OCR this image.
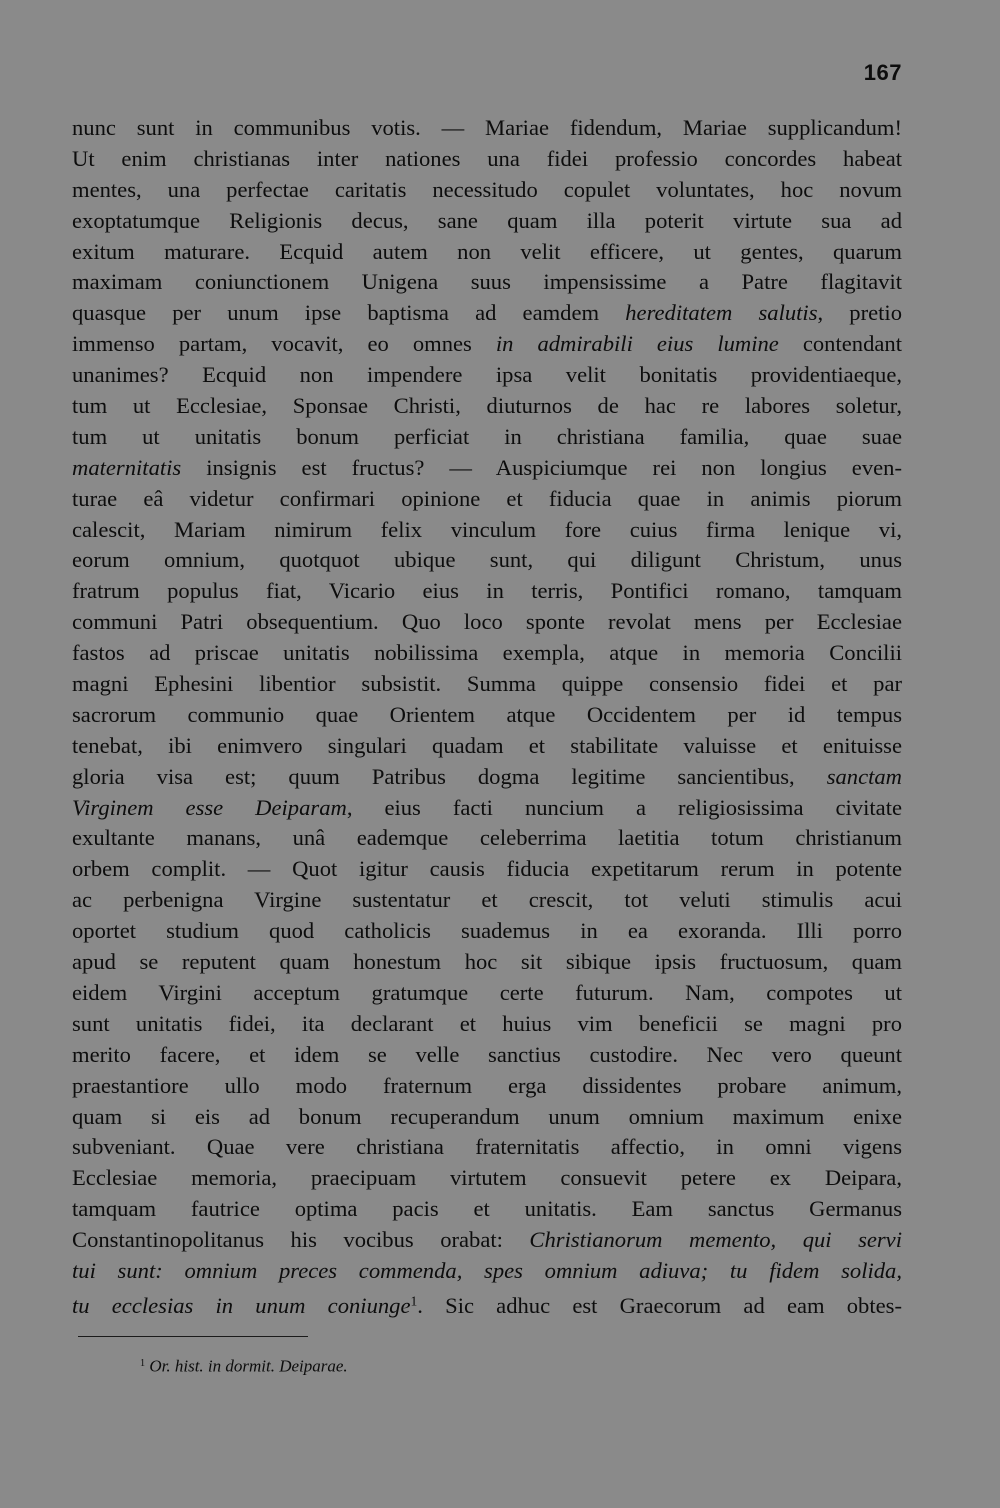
167
nunc sunt in communibus votis. — Mariae fidendum, Mariae supplicandum!
Ut enim christianas inter nationes una fidei professio concordes habeat
mentes, una perfectae caritatis necessitudo copulet voluntates, hoc novum
exoptatumque Religionis decus, sane quam illa poterit virtute sua ad
exitum maturare. Ecquid autem non velit efficere, ut gentes, quarum
maximam coniunctionem Unigena suus impensissime a Patre flagitavit
quasque per unum ipse baptisma ad eamdem hereditatem salutis, pretio
immenso partam, vocavit, eo omnes in admirabili eius lumine contendant
unanimes? Ecquid non impendere ipsa velit bonitatis providentiaeque,
tum ut Ecclesiae, Sponsae Christi, diuturnos de hac re labores soletur,
tum ut unitatis bonum perficiat in christiana familia, quae suae
maternitatis insignis est fructus? — Auspiciumque rei non longius even-
turae eâ videtur confirmari opinione et fiducia quae in animis piorum
calescit, Mariam nimirum felix vinculum fore cuius firma lenique vi,
eorum omnium, quotquot ubique sunt, qui diligunt Christum, unus
fratrum populus fiat, Vicario eius in terris, Pontifici romano, tamquam
communi Patri obsequentium. Quo loco sponte revolat mens per Ecclesiae
fastos ad priscae unitatis nobilissima exempla, atque in memoria Concilii
magni Ephesini libentior subsistit. Summa quippe consensio fidei et par
sacrorum communio quae Orientem atque Occidentem per id tempus
tenebat, ibi enimvero singulari quadam et stabilitate valuisse et enituisse
gloria visa est; quum Patribus dogma legitime sancientibus, sanctam
Virginem esse Deiparam, eius facti nuncium a religiosissima civitate
exultante manans, unâ eademque celeberrima laetitia totum christianum
orbem complit. — Quot igitur causis fiducia expetitarum rerum in potente
ac perbenigna Virgine sustentatur et crescit, tot veluti stimulis acui
oportet studium quod catholicis suademus in ea exoranda. Illi porro
apud se reputent quam honestum hoc sit sibique ipsis fructuosum, quam
eidem Virgini acceptum gratumque certe futurum. Nam, compotes ut
sunt unitatis fidei, ita declarant et huius vim beneficii se magni pro
merito facere, et idem se velle sanctius custodire. Nec vero queunt
praestantiore ullo modo fraternum erga dissidentes probare animum,
quam si eis ad bonum recuperandum unum omnium maximum enixe
subveniant. Quae vere christiana fraternitatis affectio, in omni vigens
Ecclesiae memoria, praecipuam virtutem consuevit petere ex Deipara,
tamquam fautrice optima pacis et unitatis. Eam sanctus Germanus
Constantinopolitanus his vocibus orabat: Christianorum memento, qui servi
tui sunt: omnium preces commenda, spes omnium adiuva; tu fidem solida,
tu ecclesias in unum coniunge$^1$. Sic adhuc est Graecorum ad eam obtes-
$^1$ Or. hist. in dormit. Deiparae.
